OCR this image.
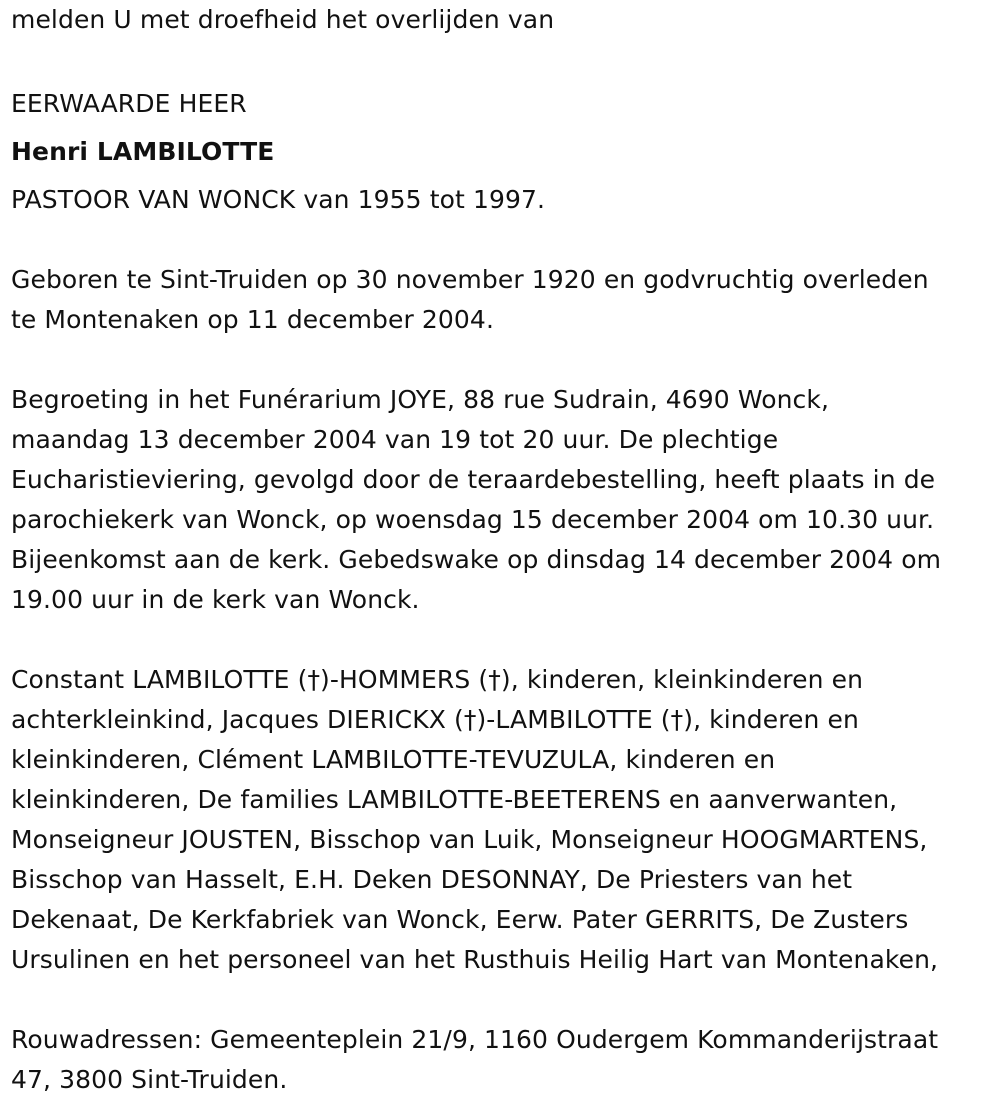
melden U met droefheid het overlijden van
EERWAARDE HEER
Henri LAMBILOTTE
PASTOOR VAN WONCK van 1955 tot 1997.
Geboren te Sint-Truiden op 30 november 1920 en godvruchtig overleden
te Montenaken op 11 december 2004.
Begroeting in het Funérarium JOYE, 88 rue Sudrain, 4690 Wonck,
maandag 13 december 2004 van 19 tot 20 uur. De plechtige
Eucharistieviering, gevolgd door de teraardebestelling, heeft plaats in de
parochiekerk van Wonck, op woensdag 15 december 2004 om 10.30 uur.
Bijeenkomst aan de kerk. Gebedswake op dinsdag 14 december 2004 om
19.00 uur in de kerk van Wonck.
Constant LAMBILOTTE (†)-HOMMERS (†), kinderen, kleinkinderen en
achterkleinkind, Jacques DIERICKX (†)-LAMBILOTTE (†), kinderen en
kleinkinderen, Clément LAMBILOTTE-TEVUZULA, kinderen en
kleinkinderen, De families LAMBILOTTE-BEETERENS en aanverwanten,
Monseigneur JOUSTEN, Bisschop van Luik, Monseigneur HOOGMARTENS,
Bisschop van Hasselt, E.H. Deken DESONNAY, De Priesters van het
Dekenaat, De Kerkfabriek van Wonck, Eerw. Pater GERRITS, De Zusters
Ursulinen en het personeel van het Rusthuis Heilig Hart van Montenaken,
Rouwadressen: Gemeenteplein 21/9, 1160 Oudergem Kommanderijstraat
47, 3800 Sint-Truiden.
